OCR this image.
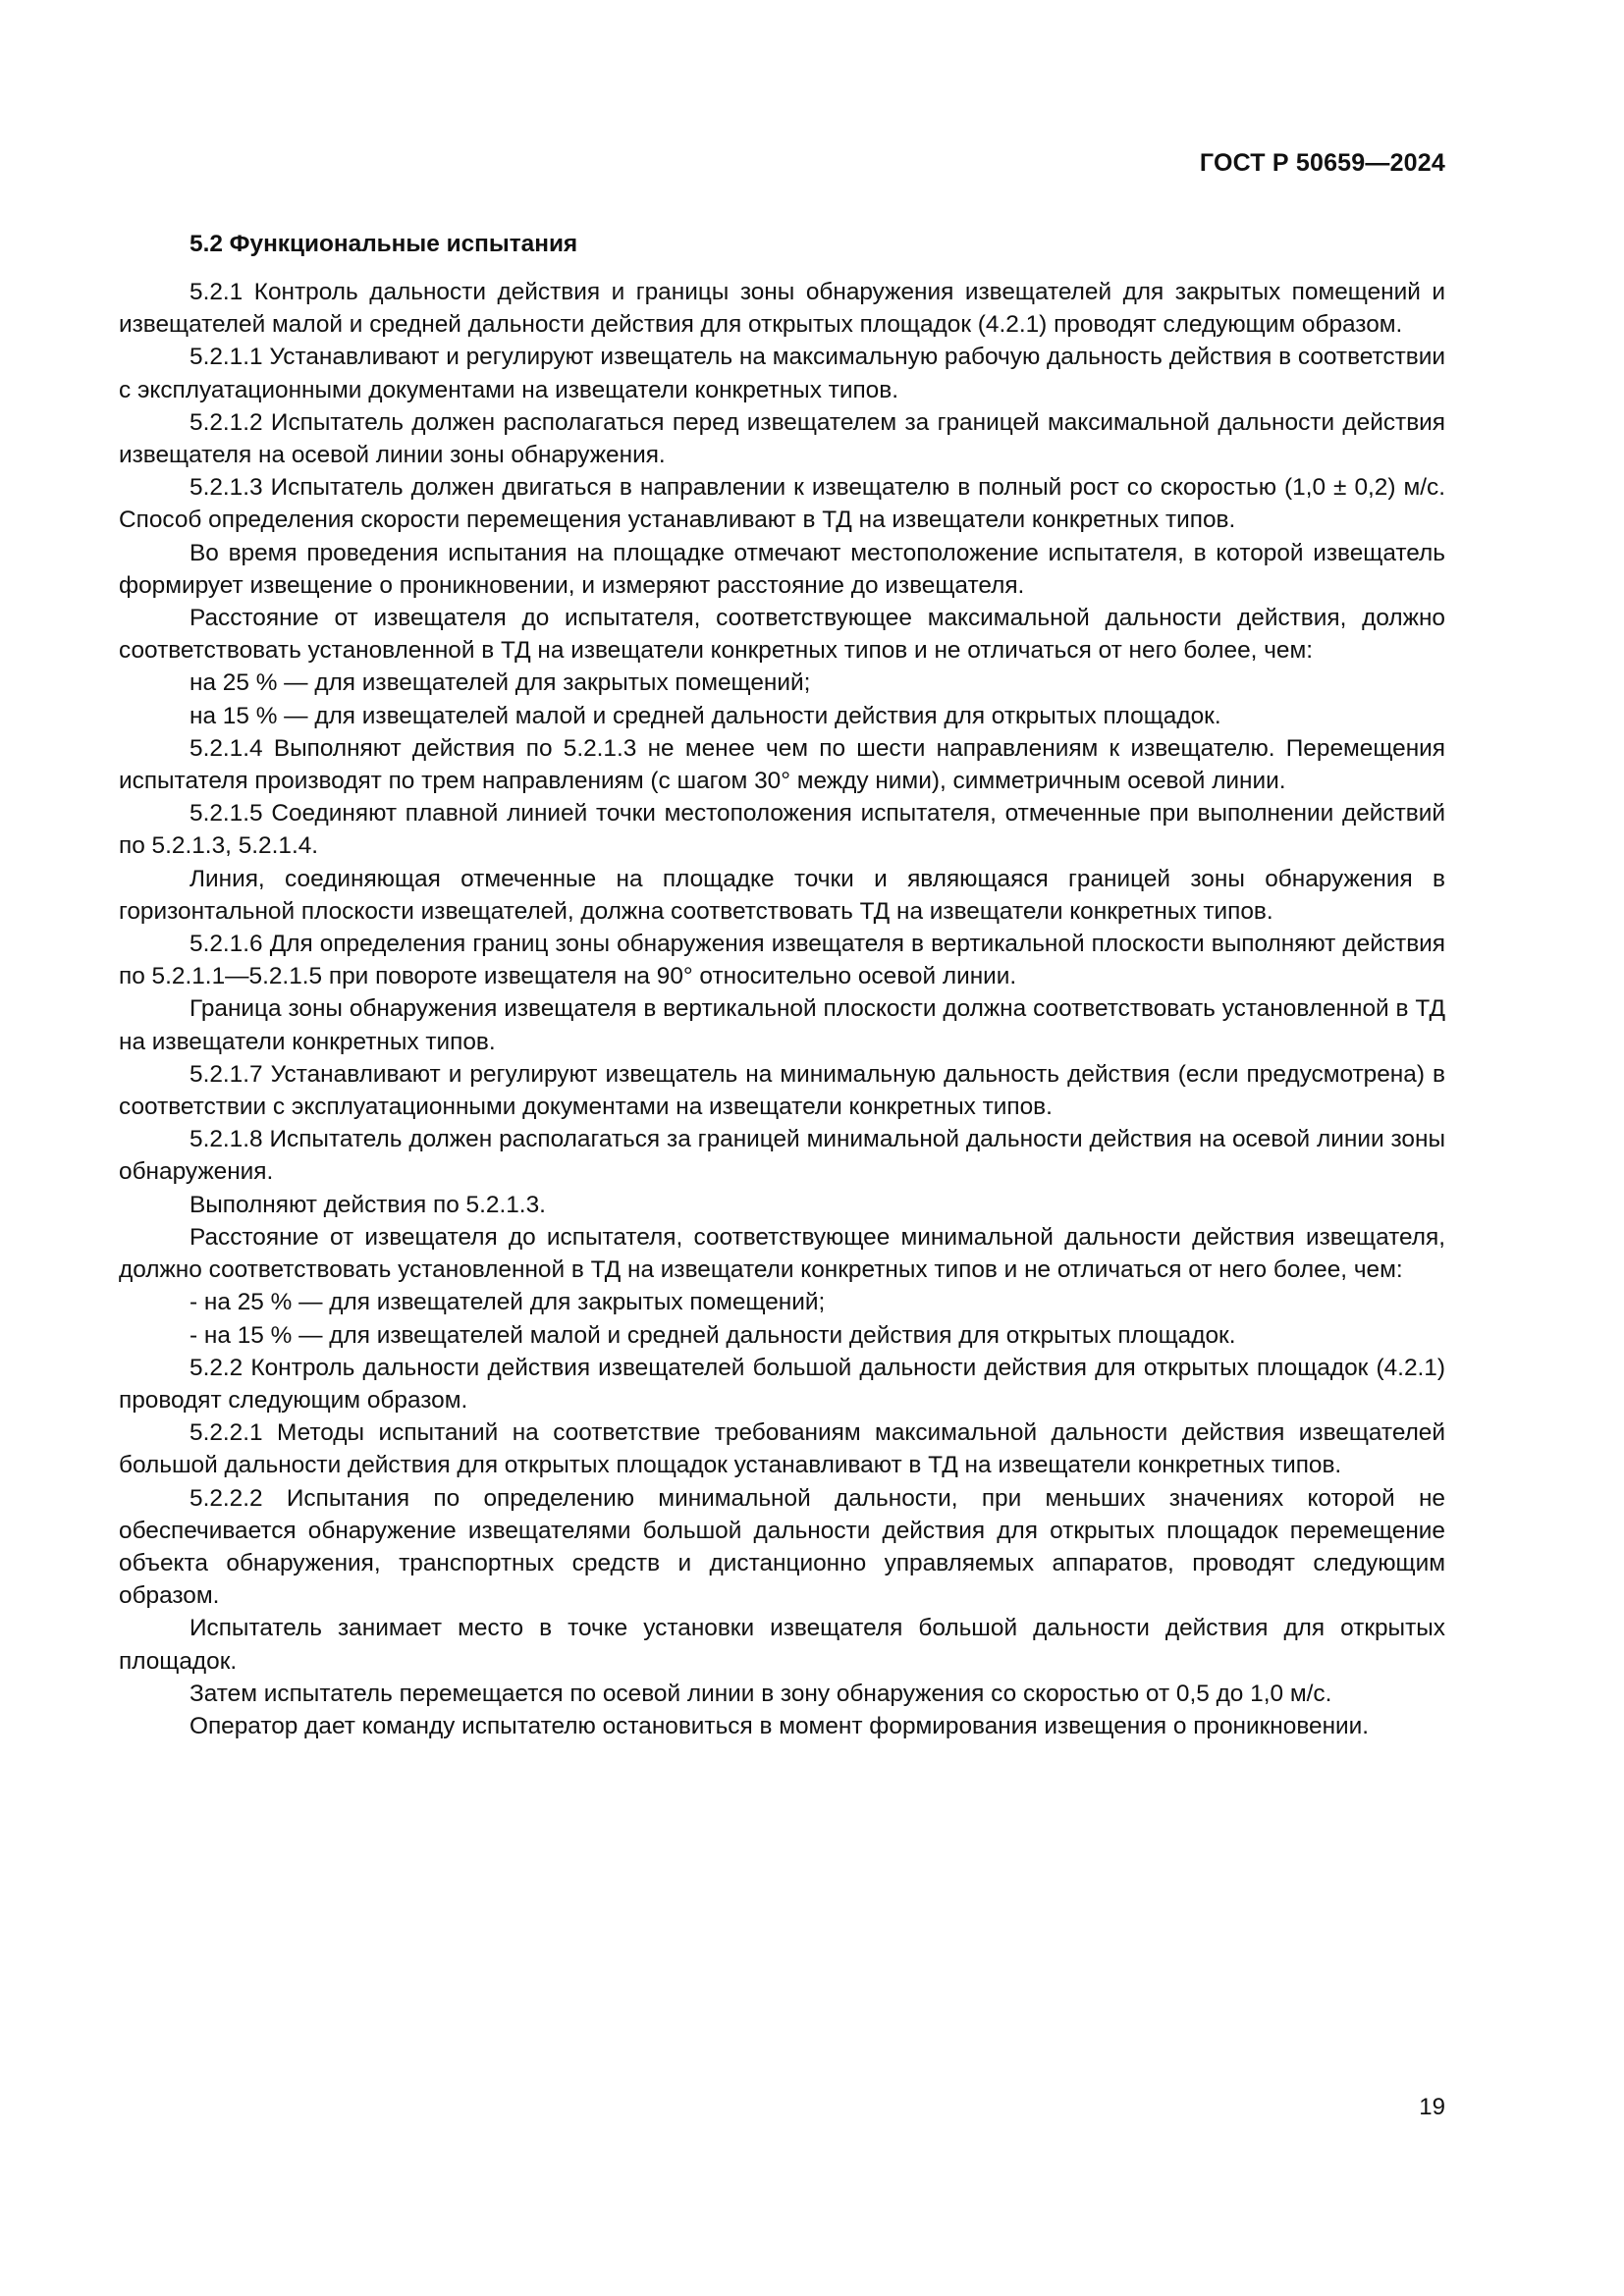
ГОСТ Р 50659—2024
5.2 Функциональные испытания

5.2.1 Контроль дальности действия и границы зоны обнаружения извещателей для закрытых помещений и извещателей малой и средней дальности действия для открытых площадок (4.2.1) проводят следующим образом.

5.2.1.1 Устанавливают и регулируют извещатель на максимальную рабочую дальность действия в соответствии с эксплуатационными документами на извещатели конкретных типов.

5.2.1.2 Испытатель должен располагаться перед извещателем за границей максимальной дальности действия извещателя на осевой линии зоны обнаружения.

5.2.1.3 Испытатель должен двигаться в направлении к извещателю в полный рост со скоростью (1,0 ± 0,2) м/с. Способ определения скорости перемещения устанавливают в ТД на извещатели конкретных типов.

Во время проведения испытания на площадке отмечают местоположение испытателя, в которой извещатель формирует извещение о проникновении, и измеряют расстояние до извещателя.

Расстояние от извещателя до испытателя, соответствующее максимальной дальности действия, должно соответствовать установленной в ТД на извещатели конкретных типов и не отличаться от него более, чем:

на 25 % — для извещателей для закрытых помещений;

на 15 % — для извещателей малой и средней дальности действия для открытых площадок.

5.2.1.4 Выполняют действия по 5.2.1.3 не менее чем по шести направлениям к извещателю. Перемещения испытателя производят по трем направлениям (с шагом 30° между ними), симметричным осевой линии.

5.2.1.5 Соединяют плавной линией точки местоположения испытателя, отмеченные при выполнении действий по 5.2.1.3, 5.2.1.4.

Линия, соединяющая отмеченные на площадке точки и являющаяся границей зоны обнаружения в горизонтальной плоскости извещателей, должна соответствовать ТД на извещатели конкретных типов.

5.2.1.6 Для определения границ зоны обнаружения извещателя в вертикальной плоскости выполняют действия по 5.2.1.1—5.2.1.5 при повороте извещателя на 90° относительно осевой линии.

Граница зоны обнаружения извещателя в вертикальной плоскости должна соответствовать установленной в ТД на извещатели конкретных типов.

5.2.1.7 Устанавливают и регулируют извещатель на минимальную дальность действия (если предусмотрена) в соответствии с эксплуатационными документами на извещатели конкретных типов.

5.2.1.8 Испытатель должен располагаться за границей минимальной дальности действия на осевой линии зоны обнаружения.

Выполняют действия по 5.2.1.3.

Расстояние от извещателя до испытателя, соответствующее минимальной дальности действия извещателя, должно соответствовать установленной в ТД на извещатели конкретных типов и не отличаться от него более, чем:

- на 25 % — для извещателей для закрытых помещений;

- на 15 % — для извещателей малой и средней дальности действия для открытых площадок.

5.2.2 Контроль дальности действия извещателей большой дальности действия для открытых площадок (4.2.1) проводят следующим образом.

5.2.2.1 Методы испытаний на соответствие требованиям максимальной дальности действия извещателей большой дальности действия для открытых площадок устанавливают в ТД на извещатели конкретных типов.

5.2.2.2 Испытания по определению минимальной дальности, при меньших значениях которой не обеспечивается обнаружение извещателями большой дальности действия для открытых площадок перемещение объекта обнаружения, транспортных средств и дистанционно управляемых аппаратов, проводят следующим образом.

Испытатель занимает место в точке установки извещателя большой дальности действия для открытых площадок.

Затем испытатель перемещается по осевой линии в зону обнаружения со скоростью от 0,5 до 1,0 м/с.

Оператор дает команду испытателю остановиться в момент формирования извещения о проникновении.

19
